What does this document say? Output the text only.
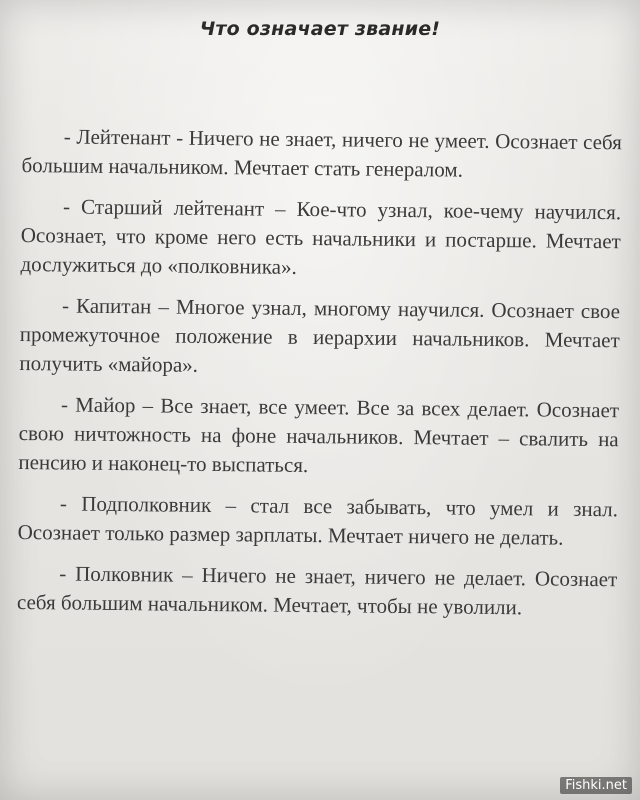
Что означает звание!

- Лейтенант - Ничего не знает, ничего не умеет. Осознает себя большим начальником. Мечтает стать генералом.

- Старший лейтенант – Кое-что узнал, кое-чему научился. Осознает, что кроме него есть начальники и постарше. Мечтает дослужиться до «полковника».

- Капитан – Многое узнал, многому научился. Осознает свое промежуточное положение в иерархии начальников. Мечтает получить «майора».

- Майор – Все знает, все умеет. Все за всех делает. Осознает свою ничтожность на фоне начальников. Мечтает – свалить на пенсию и наконец-то выспаться.

- Подполковник – стал все забывать, что умел и знал. Осознает только размер зарплаты. Мечтает ничего не делать.

- Полковник – Ничего не знает, ничего не делает. Осознает себя большим начальником. Мечтает, чтобы не уволили.

Fishki.net
